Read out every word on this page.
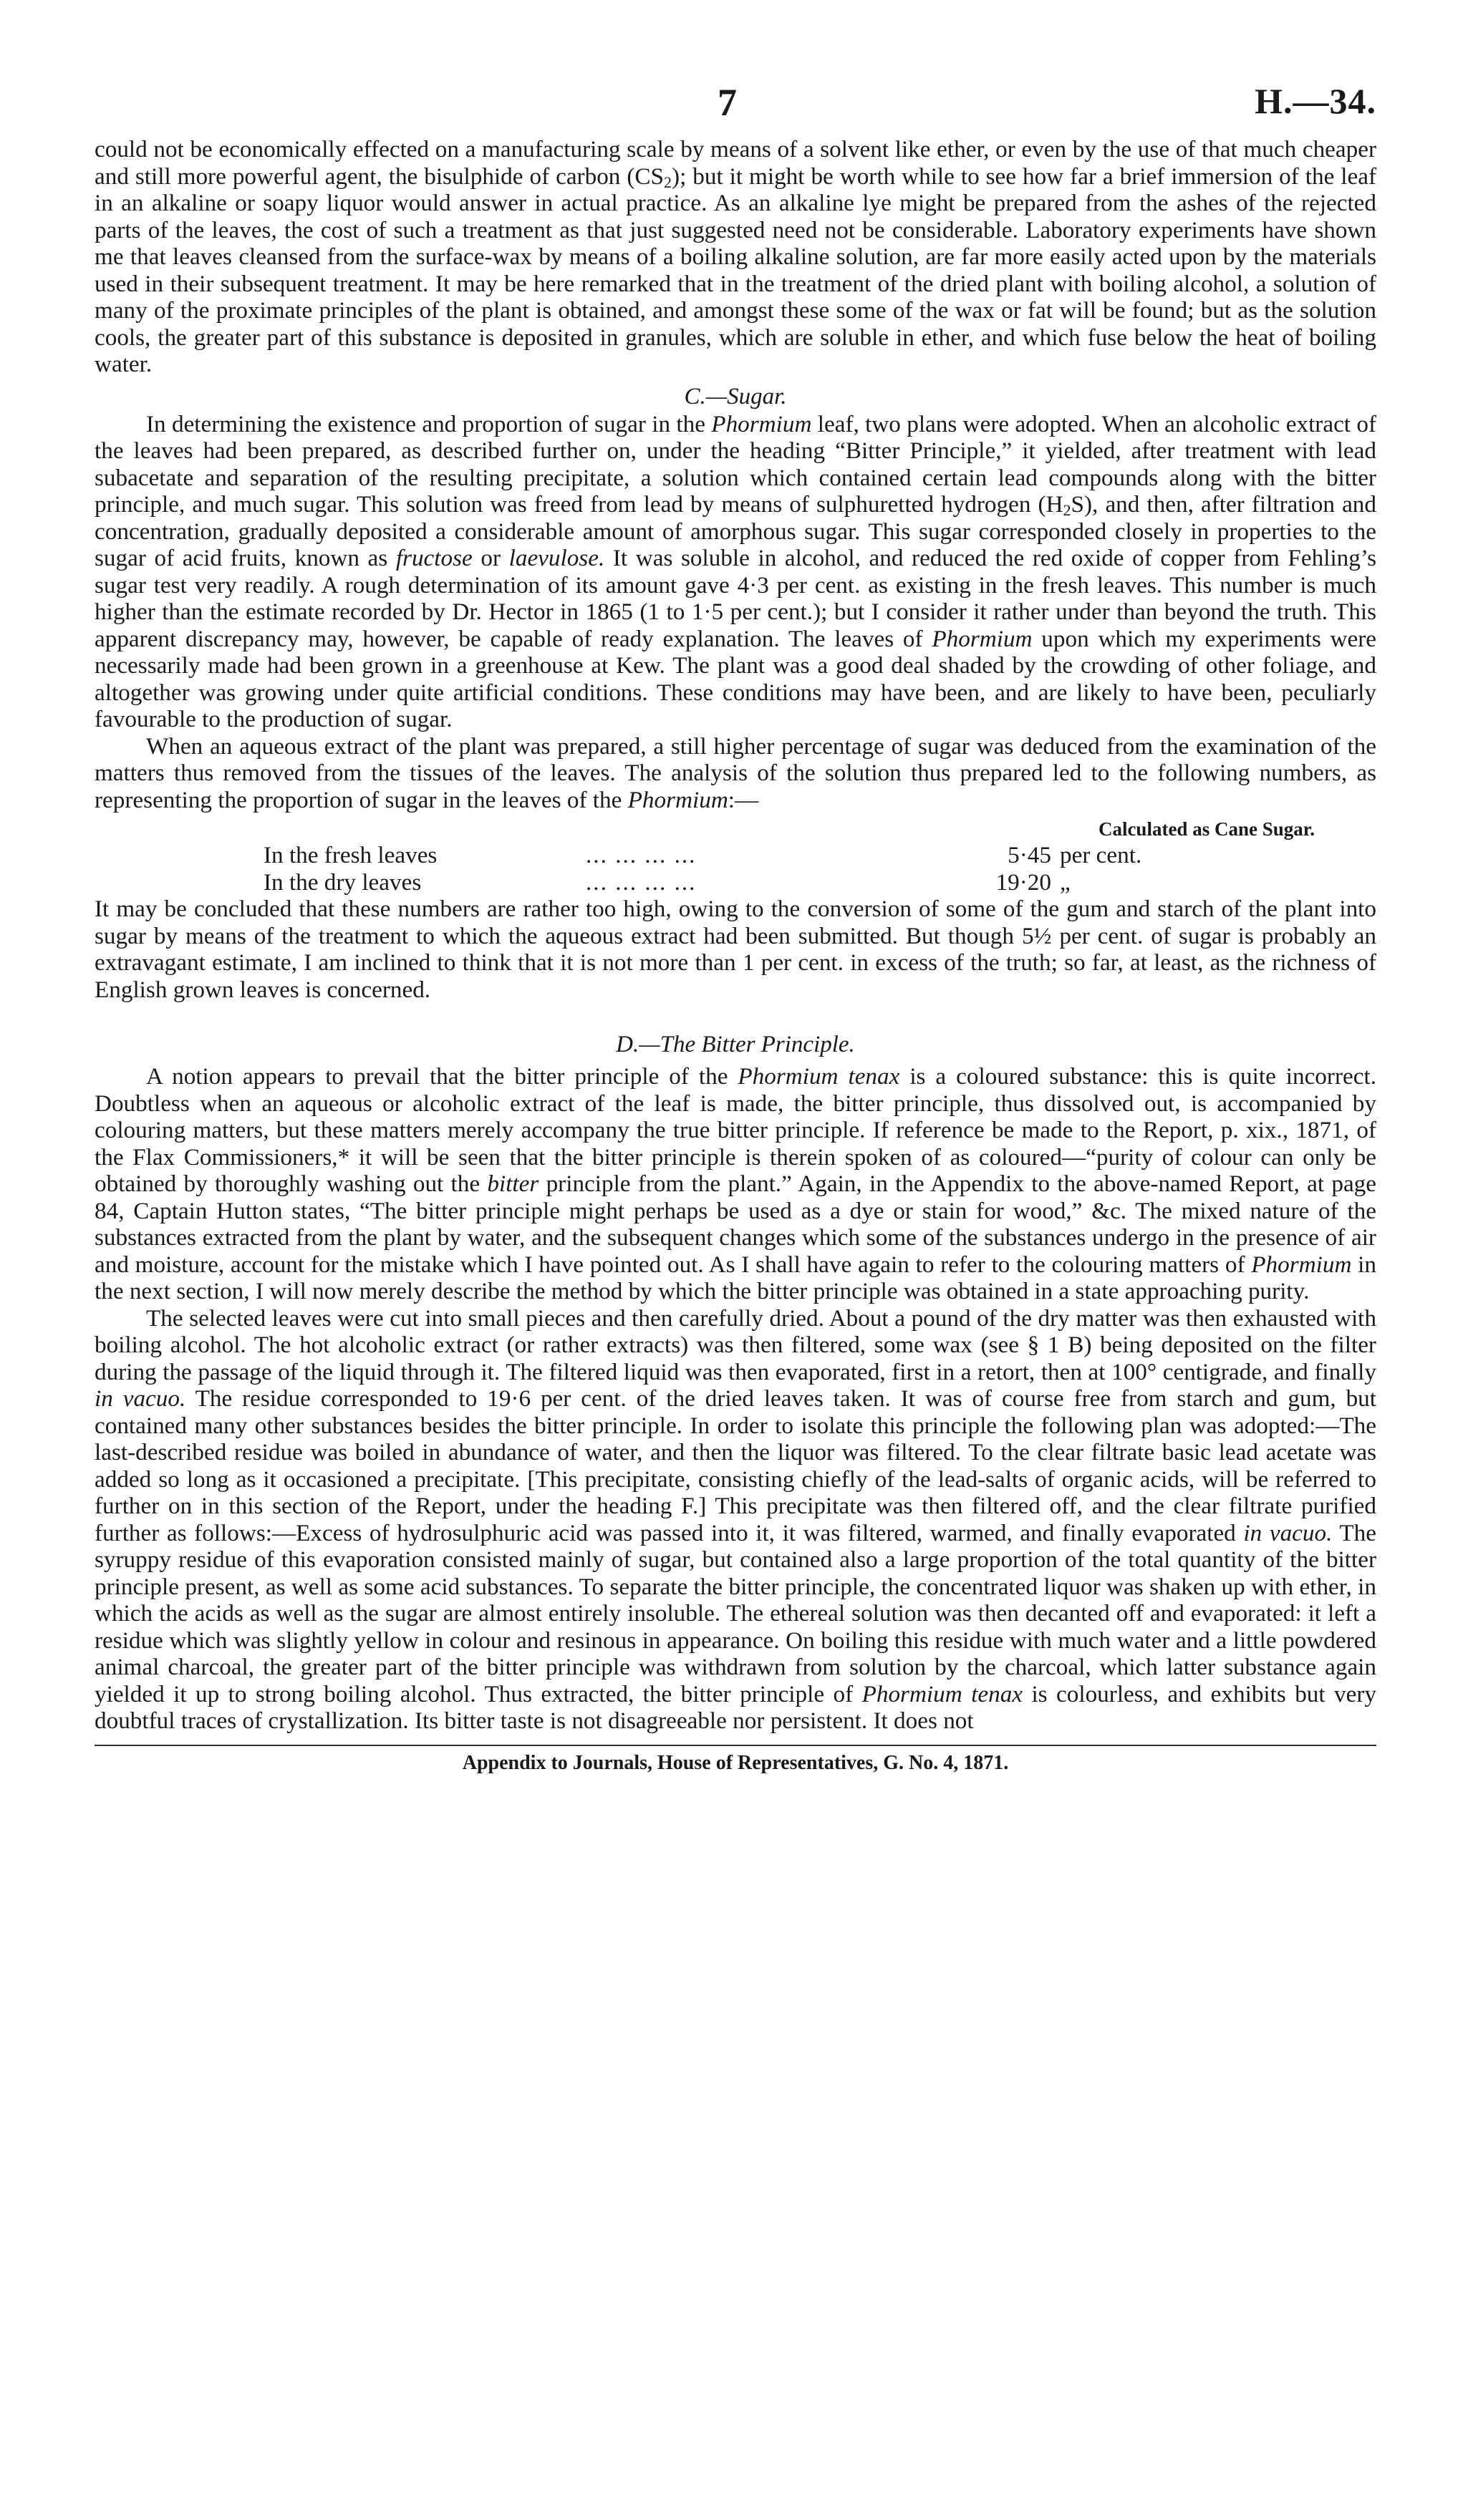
7	H.—34.

could not be economically effected on a manufacturing scale by means of a solvent like ether, or even by the use of that much cheaper and still more powerful agent, the bisulphide of carbon $(CS_2)$; but it might be worth while to see how far a brief immersion of the leaf in an alkaline or soapy liquor would answer in actual practice. As an alkaline lye might be prepared from the ashes of the rejected parts of the leaves, the cost of such a treatment as that just suggested need not be considerable. Laboratory experiments have shown me that leaves cleansed from the surface-wax by means of a boiling alkaline solution, are far more easily acted upon by the materials used in their subsequent treatment. It may be here remarked that in the treatment of the dried plant with boiling alcohol, a solution of many of the proximate principles of the plant is obtained, and amongst these some of the wax or fat will be found; but as the solution cools, the greater part of this substance is deposited in granules, which are soluble in ether, and which fuse below the heat of boiling water.

C.—Sugar.

In determining the existence and proportion of sugar in the Phormium leaf, two plans were adopted. When an alcoholic extract of the leaves had been prepared, as described further on, under the heading “Bitter Principle,” it yielded, after treatment with lead subacetate and separation of the resulting precipitate, a solution which contained certain lead compounds along with the bitter principle, and much sugar. This solution was freed from lead by means of sulphuretted hydrogen $(H_2S)$, and then, after filtration and concentration, gradually deposited a considerable amount of amorphous sugar. This sugar corresponded closely in properties to the sugar of acid fruits, known as fructose or laevulose. It was soluble in alcohol, and reduced the red oxide of copper from Fehling’s sugar test very readily. A rough determination of its amount gave 4·3 per cent. as existing in the fresh leaves. This number is much higher than the estimate recorded by Dr. Hector in 1865 (1 to 1·5 per cent.); but I consider it rather under than beyond the truth. This apparent discrepancy may, however, be capable of ready explanation. The leaves of Phormium upon which my experiments were necessarily made had been grown in a greenhouse at Kew. The plant was a good deal shaded by the crowding of other foliage, and altogether was growing under quite artificial conditions. These conditions may have been, and are likely to have been, peculiarly favourable to the production of sugar.

When an aqueous extract of the plant was prepared, a still higher percentage of sugar was deduced from the examination of the matters thus removed from the tissues of the leaves. The analysis of the solution thus prepared led to the following numbers, as representing the proportion of sugar in the leaves of the Phormium:—

Calculated as Cane Sugar.
In the fresh leaves	... ... ... ...	5·45 per cent.
In the dry leaves	... ... ... ...	19·20 „

It may be concluded that these numbers are rather too high, owing to the conversion of some of the gum and starch of the plant into sugar by means of the treatment to which the aqueous extract had been submitted. But though 5½ per cent. of sugar is probably an extravagant estimate, I am inclined to think that it is not more than 1 per cent. in excess of the truth; so far, at least, as the richness of English grown leaves is concerned.

D.—The Bitter Principle.

A notion appears to prevail that the bitter principle of the Phormium tenax is a coloured substance: this is quite incorrect. Doubtless when an aqueous or alcoholic extract of the leaf is made, the bitter principle, thus dissolved out, is accompanied by colouring matters, but these matters merely accompany the true bitter principle. If reference be made to the Report, p. xix., 1871, of the Flax Commissioners,* it will be seen that the bitter principle is therein spoken of as coloured—“purity of colour can only be obtained by thoroughly washing out the bitter principle from the plant.” Again, in the Appendix to the above-named Report, at page 84, Captain Hutton states, “The bitter principle might perhaps be used as a dye or stain for wood,” &c. The mixed nature of the substances extracted from the plant by water, and the subsequent changes which some of the substances undergo in the presence of air and moisture, account for the mistake which I have pointed out. As I shall have again to refer to the colouring matters of Phormium in the next section, I will now merely describe the method by which the bitter principle was obtained in a state approaching purity.

The selected leaves were cut into small pieces and then carefully dried. About a pound of the dry matter was then exhausted with boiling alcohol. The hot alcoholic extract (or rather extracts) was then filtered, some wax (see § 1 B) being deposited on the filter during the passage of the liquid through it. The filtered liquid was then evaporated, first in a retort, then at 100° centigrade, and finally in vacuo. The residue corresponded to 19·6 per cent. of the dried leaves taken. It was of course free from starch and gum, but contained many other substances besides the bitter principle. In order to isolate this principle the following plan was adopted:—The last-described residue was boiled in abundance of water, and then the liquor was filtered. To the clear filtrate basic lead acetate was added so long as it occasioned a precipitate. [This precipitate, consisting chiefly of the lead-salts of organic acids, will be referred to further on in this section of the Report, under the heading F.] This precipitate was then filtered off, and the clear filtrate purified further as follows:—Excess of hydrosulphuric acid was passed into it, it was filtered, warmed, and finally evaporated in vacuo. The syruppy residue of this evaporation consisted mainly of sugar, but contained also a large proportion of the total quantity of the bitter principle present, as well as some acid substances. To separate the bitter principle, the concentrated liquor was shaken up with ether, in which the acids as well as the sugar are almost entirely insoluble. The ethereal solution was then decanted off and evaporated: it left a residue which was slightly yellow in colour and resinous in appearance. On boiling this residue with much water and a little powdered animal charcoal, the greater part of the bitter principle was withdrawn from solution by the charcoal, which latter substance again yielded it up to strong boiling alcohol. Thus extracted, the bitter principle of Phormium tenax is colourless, and exhibits but very doubtful traces of crystallization. Its bitter taste is not disagreeable nor persistent. It does not

Appendix to Journals, House of Representatives, G. No. 4, 1871.
